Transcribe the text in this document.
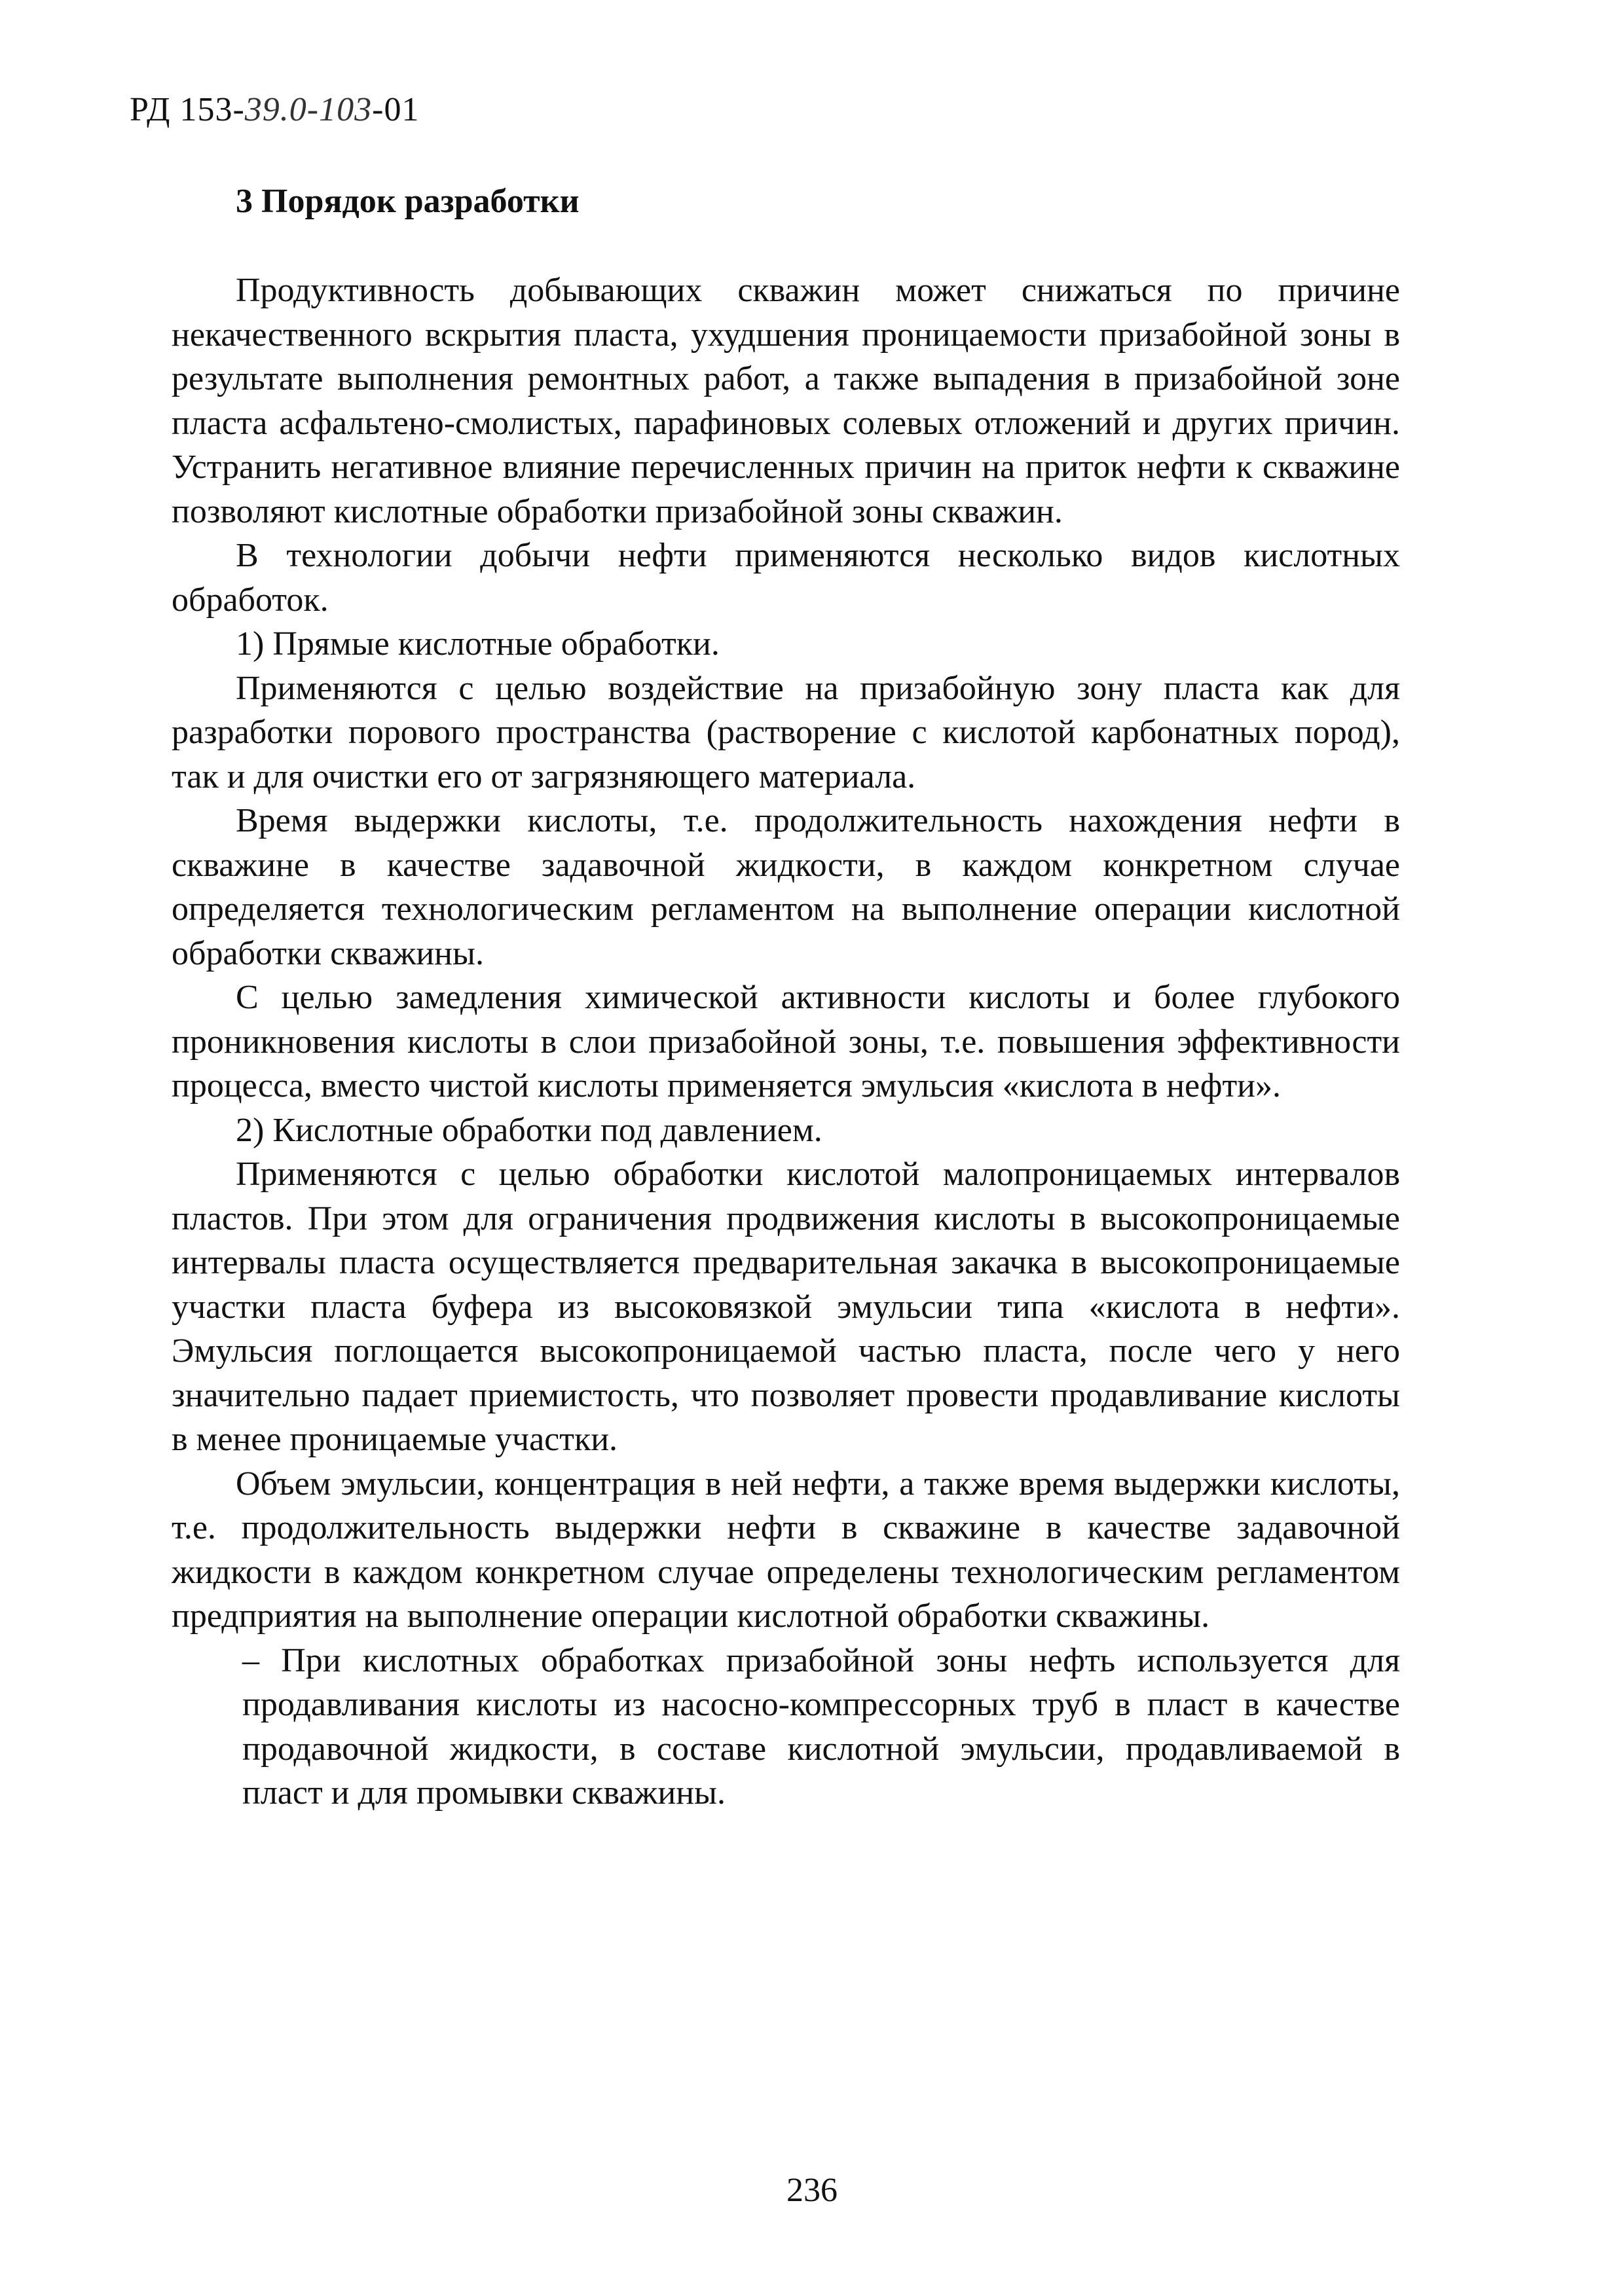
РД 153-39.0-103-01
3 Порядок разработки

Продуктивность добывающих скважин может снижаться по причине некачественного вскрытия пласта, ухудшения проницаемости призабойной зоны в результате выполнения ремонтных работ, а также выпадения в призабойной зоне пласта асфальтено-смолистых, парафиновых солевых отложений и других причин. Устранить негативное влияние перечисленных причин на приток нефти к скважине позволяют кислотные обработки призабойной зоны скважин.

В технологии добычи нефти применяются несколько видов кислотных обработок.

1) Прямые кислотные обработки.

Применяются с целью воздействие на призабойную зону пласта как для разработки порового пространства (растворение с кислотой карбонатных пород), так и для очистки его от загрязняющего материала.

Время выдержки кислоты, т.е. продолжительность нахождения нефти в скважине в качестве задавочной жидкости, в каждом конкретном случае определяется технологическим регламентом на выполнение операции кислотной обработки скважины.

С целью замедления химической активности кислоты и более глубокого проникновения кислоты в слои призабойной зоны, т.е. повышения эффективности процесса, вместо чистой кислоты применяется эмульсия «кислота в нефти».

2) Кислотные обработки под давлением.

Применяются с целью обработки кислотой малопроницаемых интервалов пластов. При этом для ограничения продвижения кислоты в высокопроницаемые интервалы пласта осуществляется предварительная закачка в высокопроницаемые участки пласта буфера из высоковязкой эмульсии типа «кислота в нефти». Эмульсия поглощается высокопроницаемой частью пласта, после чего у него значительно падает приемистость, что позволяет провести продавливание кислоты в менее проницаемые участки.

Объем эмульсии, концентрация в ней нефти, а также время выдержки кислоты, т.е. продолжительность выдержки нефти в скважине в качестве задавочной жидкости в каждом конкретном случае определены технологическим регламентом предприятия на выполнение операции кислотной обработки скважины.

– При кислотных обработках призабойной зоны нефть используется для продавливания кислоты из насосно-компрессорных труб в пласт в качестве продавочной жидкости, в составе кислотной эмульсии, продавливаемой в пласт и для промывки скважины.

236
